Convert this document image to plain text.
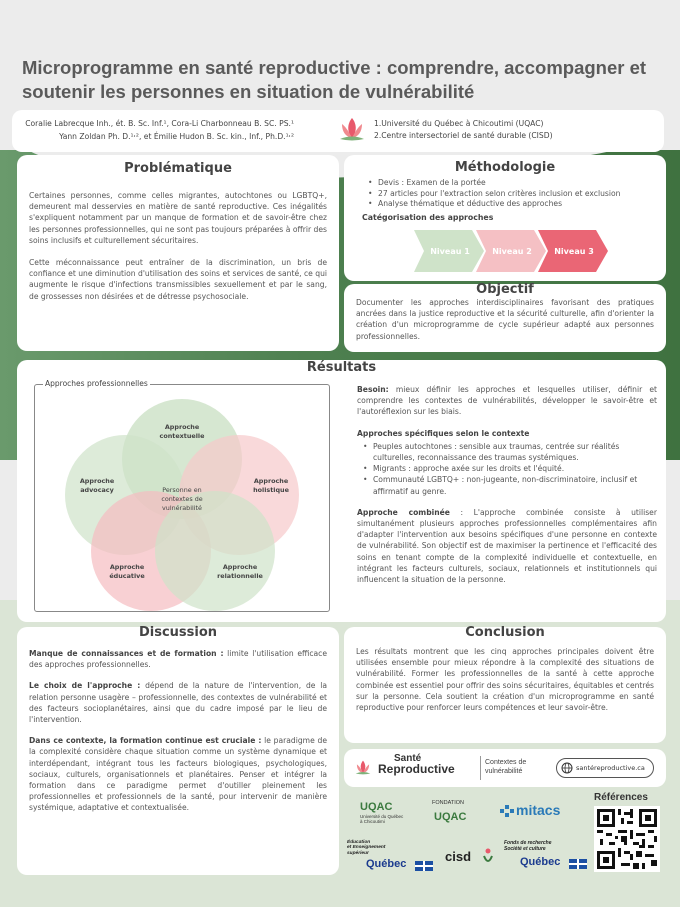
Microprogramme en santé reproductive : comprendre, accompagner et soutenir les personnes en situation de vulnérabilité
Coralie Labrecque Inh., ét. B. Sc. Inf.¹, Cora-Li Charbonneau B. SC. PS.¹
Yann Zoldan Ph. D.¹˒², et Émilie Hudon B. Sc. kin., Inf., Ph.D.¹˒²
1.Université du Québec à Chicoutimi (UQAC)
2.Centre intersectoriel de santé durable (CISD)
Problématique

Certaines personnes, comme celles migrantes, autochtones ou LGBTQ+, demeurent mal desservies en matière de santé reproductive. Ces inégalités s'expliquent notamment par un manque de formation et de savoir-être chez les personnes professionnelles, qui ne sont pas toujours préparées à offrir des soins inclusifs et culturellement sécuritaires.

Cette méconnaissance peut entraîner de la discrimination, un bris de confiance et une diminution d'utilisation des soins et services de santé, ce qui augmente le risque d'infections transmissibles sexuellement et par le sang, de grossesses non désirées et de détresse psychosociale.

Méthodologie
• Devis : Examen de la portée
• 27 articles pour l'extraction selon critères inclusion et exclusion
• Analyse thématique et déductive des approches
Catégorisation des approches
Niveau 1	Niveau 2	Niveau 3
Objectif

Documenter les approches interdisciplinaires favorisant des pratiques ancrées dans la justice reproductive et la sécurité culturelle, afin d'orienter la création d'un microprogramme de cycle supérieur adapté aux personnes professionnelles.

Résultats
Approches professionnelles
Approche
contextuelle
Approche
advocacy
Approche
holistique
Approche
éducative
Approche
relationnelle
Personne en
contextes de
vulnérabilité

Besoin: mieux définir les approches et lesquelles utiliser, définir et comprendre les contextes de vulnérabilités, développer le savoir-être et l'autoréflexion sur les biais.

Approches spécifiques selon le contexte
• Peuples autochtones : sensible aux traumas, centrée sur réalités culturelles, reconnaissance des traumas systémiques.
• Migrants : approche axée sur les droits et l'équité.
• Communauté LGBTQ+ : non-jugeante, non-discriminatoire, inclusif et affirmatif au genre.

Approche combinée : L'approche combinée consiste à utiliser simultanément plusieurs approches professionnelles complémentaires afin d'adapter l'intervention aux besoins spécifiques d'une personne en contexte de vulnérabilité. Son objectif est de maximiser la pertinence et l'efficacité des soins en tenant compte de la complexité individuelle et contextuelle, en intégrant les facteurs culturels, sociaux, relationnels et institutionnels qui influencent la situation de la personne.

Discussion

Manque de connaissances et de formation : limite l'utilisation efficace des approches professionnelles.

Le choix de l'approche : dépend de la nature de l'intervention, de la relation personne usagère – professionnelle, des contextes de vulnérabilité et des facteurs socioplanétaires, ainsi que du cadre imposé par le lieu de l'intervention.

Dans ce contexte, la formation continue est cruciale : le paradigme de la complexité considère chaque situation comme un système dynamique et interdépendant, intégrant tous les facteurs biologiques, psychologiques, sociaux, culturels, organisationnels et planétaires. Penser et intégrer la formation dans ce paradigme permet d'outiller pleinement les professionnelles et professionnels de la santé, pour intervenir de manière systémique, adaptative et contextualisée.

Conclusion

Les résultats montrent que les cinq approches principales doivent être utilisées ensemble pour mieux répondre à la complexité des situations de vulnérabilité. Former les professionnelles de la santé à cette approche combinée est essentiel pour offrir des soins sécuritaires, équitables et centrés sur la personne. Cela soutient la création d'un microprogramme en santé reproductive pour renforcer leurs compétences et leur savoir-être.

Santé
Reproductive	Contextes de
vulnérabilité	santéreproductive.ca
UQAC
Université du Québec
à Chicoutimi
FONDATION
UQAC	mitacs
Éducation
et Enseignement
supérieur
Québec	cisd
Fonds de recherche
Société et culture
Québec
Références
